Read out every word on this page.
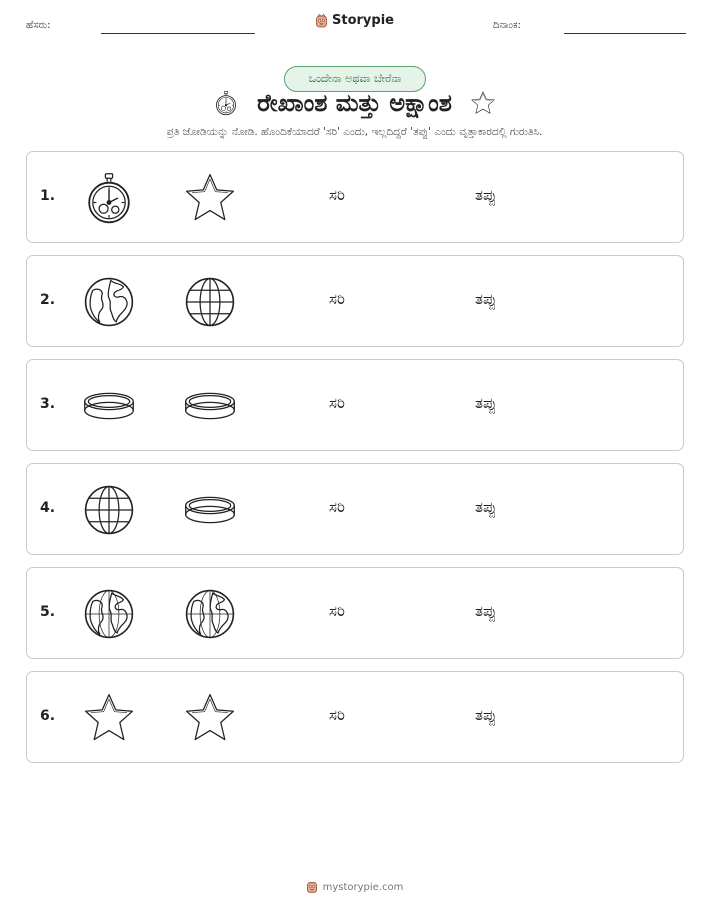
ಹೆಸರು:	Storypie	ದಿನಾಂಕ:
ಒಂದೇನಾ ಅಥವಾ ಬೇರೆನಾ
ರೇಖಾಂಶ ಮತ್ತು ಅಕ್ಷಾಂಶ
ಪ್ರತಿ ಜೋಡಿಯನ್ನು ನೋಡಿ. ಹೊಂದಿಕೆಯಾದರೆ 'ಸರಿ' ಎಂದು, ಇಲ್ಲದಿದ್ದರೆ 'ತಪ್ಪು' ಎಂದು ವೃತ್ತಾಕಾರದಲ್ಲಿ ಗುರುತಿಸಿ.
1.	ಸರಿ	ತಪ್ಪು
2.	ಸರಿ	ತಪ್ಪು
3.	ಸರಿ	ತಪ್ಪು
4.	ಸರಿ	ತಪ್ಪು
5.	ಸರಿ	ತಪ್ಪು
6.	ಸರಿ	ತಪ್ಪು
mystorypie.com
